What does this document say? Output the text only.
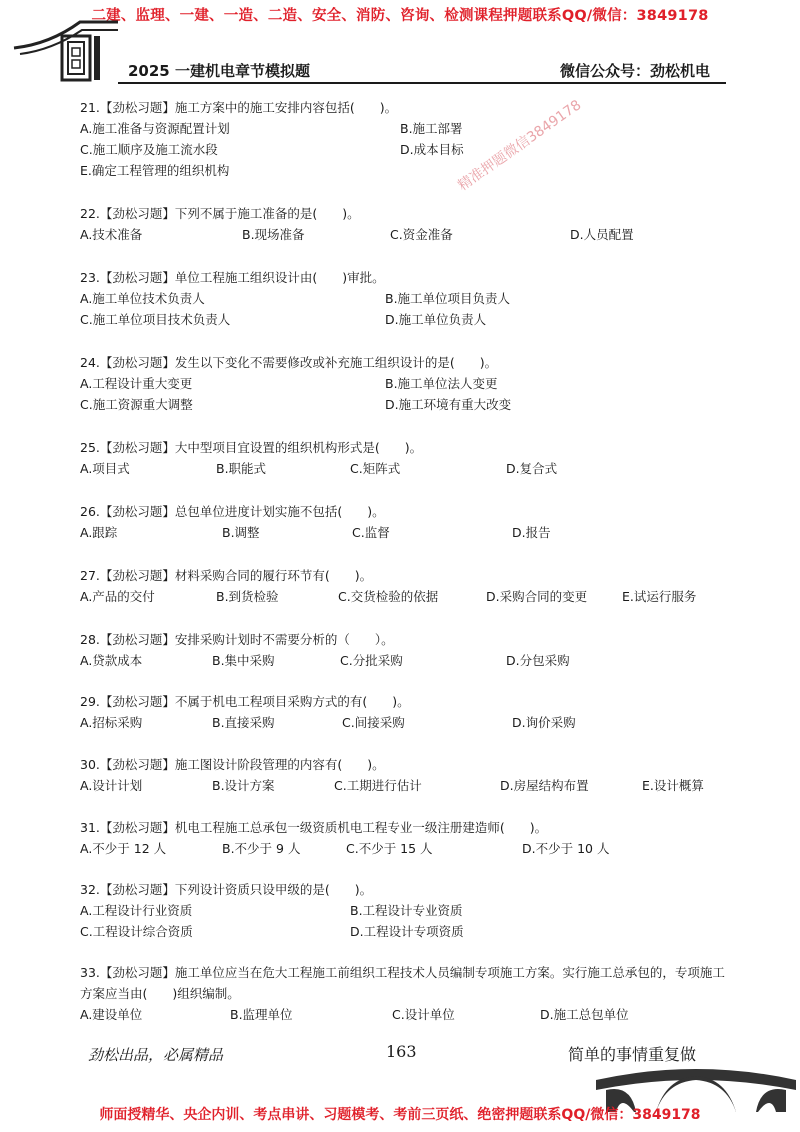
二建、监理、一建、一造、二造、安全、消防、咨询、检测课程押题联系QQ/微信：3849178
2025 一建机电章节模拟题	微信公众号：劲松机电
精准押题微信3849178
21.【劲松习题】施工方案中的施工安排内容包括(　　)。
A.施工准备与资源配置计划	B.施工部署
C.施工顺序及施工流水段	D.成本目标
E.确定工程管理的组织机构
22.【劲松习题】下列不属于施工准备的是(　　)。
A.技术准备	B.现场准备	C.资金准备	D.人员配置
23.【劲松习题】单位工程施工组织设计由(　　)审批。
A.施工单位技术负责人	B.施工单位项目负责人
C.施工单位项目技术负责人	D.施工单位负责人
24.【劲松习题】发生以下变化不需要修改或补充施工组织设计的是(　　)。
A.工程设计重大变更	B.施工单位法人变更
C.施工资源重大调整	D.施工环境有重大改变
25.【劲松习题】大中型项目宜设置的组织机构形式是(　　)。
A.项目式	B.职能式	C.矩阵式	D.复合式
26.【劲松习题】总包单位进度计划实施不包括(　　)。
A.跟踪	B.调整	C.监督	D.报告
27.【劲松习题】材料采购合同的履行环节有(　　)。
A.产品的交付	B.到货检验	C.交货检验的依据	D.采购合同的变更	E.试运行服务
28.【劲松习题】安排采购计划时不需要分析的（　　）。
A.贷款成本	B.集中采购	C.分批采购	D.分包采购
29.【劲松习题】不属于机电工程项目采购方式的有(　　)。
A.招标采购	B.直接采购	C.间接采购	D.询价采购
30.【劲松习题】施工图设计阶段管理的内容有(　　)。
A.设计计划	B.设计方案	C.工期进行估计	D.房屋结构布置	E.设计概算
31.【劲松习题】机电工程施工总承包一级资质机电工程专业一级注册建造师(　　)。
A.不少于 12 人	B.不少于 9 人	C.不少于 15 人	D.不少于 10 人
32.【劲松习题】下列设计资质只设甲级的是(　　)。
A.工程设计行业资质	B.工程设计专业资质
C.工程设计综合资质	D.工程设计专项资质
33.【劲松习题】施工单位应当在危大工程施工前组织工程技术人员编制专项施工方案。实行施工总承包的，专项施工方案应当由(　　)组织编制。
A.建设单位	B.监理单位	C.设计单位	D.施工总包单位
劲松出品，必属精品	163	简单的事情重复做
师面授精华、央企内训、考点串讲、习题模考、考前三页纸、绝密押题联系QQ/微信：3849178
